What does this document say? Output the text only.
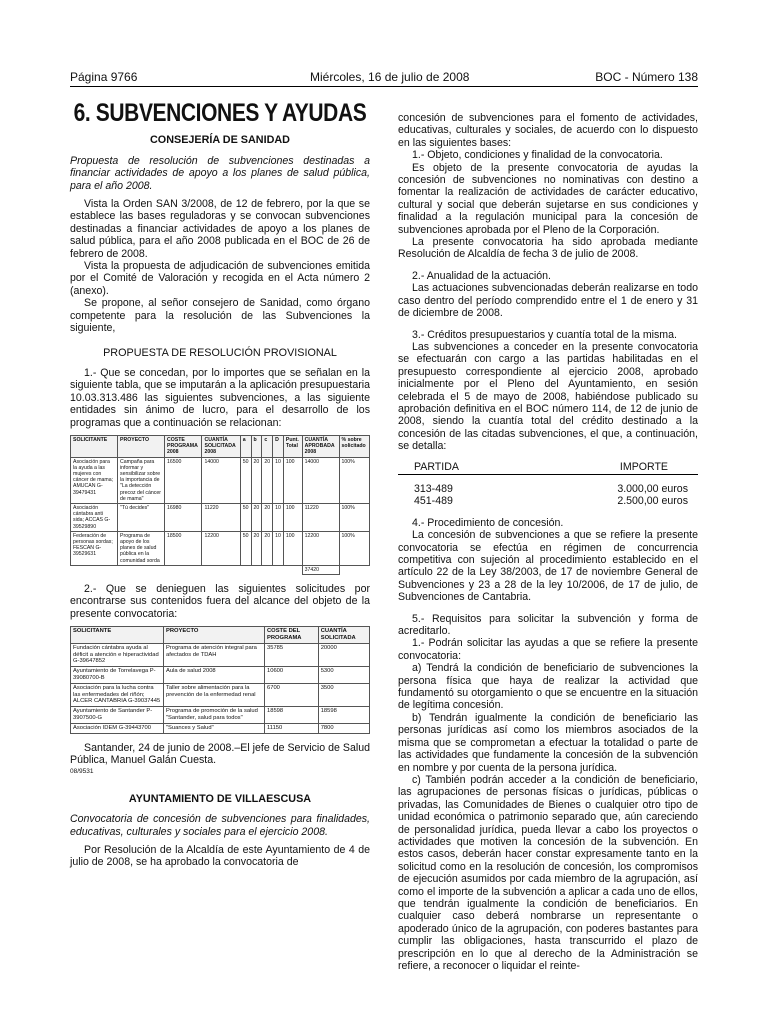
Página 9766	Miércoles, 16 de julio de 2008	BOC - Número 138
6. SUBVENCIONES Y AYUDAS
CONSEJERÍA DE SANIDAD

Propuesta de resolución de subvenciones destinadas a financiar actividades de apoyo a los planes de salud pública, para el año 2008.

Vista la Orden SAN 3/2008, de 12 de febrero, por la que se establece las bases reguladoras y se convocan subvenciones destinadas a financiar actividades de apoyo a los planes de salud pública, para el año 2008 publicada en el BOC de 26 de febrero de 2008.

Vista la propuesta de adjudicación de subvenciones emitida por el Comité de Valoración y recogida en el Acta número 2 (anexo).

Se propone, al señor consejero de Sanidad, como órgano competente para la resolución de las Subvenciones la siguiente,

PROPUESTA DE RESOLUCIÓN PROVISIONAL

1.- Que se concedan, por lo importes que se señalan en la siguiente tabla, que se imputarán a la aplicación presupuestaria 10.03.313.486 las siguientes subvenciones, a las siguiente entidades sin ánimo de lucro, para el desarrollo de los programas que a continuación se relacionan:

SOLICITANTE	PROYECTO	COSTE PROGRAMA 2008	CUANTÍA SOLICITADA 2008	a	b	c	D	Punt. Total	CUANTÍA APROBADA 2008	% sobre solicitado
Asociación para la ayuda a las mujeres con cáncer de mama; AMUCAN G-39479431	Campaña para informar y sensibilizar sobre la importancia de "La detección precoz del cáncer de mama"	16500	14000	50	20	20	10	100	14000	100%
Asociación cántabra anti sida; ACCAS G-39529890	"Tú decides"	16980	11220	50	20	20	10	100	11220	100%
Federación de personas sordas; FESCAN G-39529631	Programa de apoyo de los planes de salud pública en la comunidad sorda	18500	12200	50	20	20	10	100	12200	100%
									37420	

2.- Que se denieguen las siguientes solicitudes por encontrarse sus contenidos fuera del alcance del objeto de la presente convocatoria:

SOLICITANTE	PROYECTO	COSTE DEL PROGRAMA	CUANTÍA SOLICITADA
Fundación cántabra ayuda al déficit a atención e hiperactividad G-39647852	Programa de atención integral para afectados de TDAH	35785	20000
Ayuntamiento de Torrelavega P-39080700-B	Aula de salud 2008	10600	5300
Asociación para la lucha contra las enfermedades del riñón; ALCER CANTABRIA G-39037445	Taller sobre alimentación para la prevención de la enfermedad renal	6700	3500
Ayuntamiento de Santander P-3907500-G	Programa de promoción de la salud "Santander, salud para todos"	18598	18598
Asociación IDEM G-39443700	"Suances y Salud"	11150	7800

Santander, 24 de junio de 2008.–El jefe de Servicio de Salud Pública, Manuel Galán Cuesta.

08/9531

AYUNTAMIENTO DE VILLAESCUSA

Convocatoria de concesión de subvenciones para finalidades, educativas, culturales y sociales para el ejercicio 2008.

Por Resolución de la Alcaldía de este Ayuntamiento de 4 de julio de 2008, se ha aprobado la convocatoria de

concesión de subvenciones para el fomento de actividades, educativas, culturales y sociales, de acuerdo con lo dispuesto en las siguientes bases:

1.- Objeto, condiciones y finalidad de la convocatoria.

Es objeto de la presente convocatoria de ayudas la concesión de subvenciones no nominativas con destino a fomentar la realización de actividades de carácter educativo, cultural y social que deberán sujetarse en sus condiciones y finalidad a la regulación municipal para la concesión de subvenciones aprobada por el Pleno de la Corporación.

La presente convocatoria ha sido aprobada mediante Resolución de Alcaldía de fecha 3 de julio de 2008.

2.- Anualidad de la actuación.

Las actuaciones subvencionadas deberán realizarse en todo caso dentro del período comprendido entre el 1 de enero y 31 de diciembre de 2008.

3.- Créditos presupuestarios y cuantía total de la misma.

Las subvenciones a conceder en la presente convocatoria se efectuarán con cargo a las partidas habilitadas en el presupuesto correspondiente al ejercicio 2008, aprobado inicialmente por el Pleno del Ayuntamiento, en sesión celebrada el 5 de mayo de 2008, habiéndose publicado su aprobación definitiva en el BOC número 114, de 12 de junio de 2008, siendo la cuantía total del crédito destinado a la concesión de las citadas subvenciones, el que, a continuación, se detalla:

PARTIDA	IMPORTE
313-489	3.000,00 euros
451-489	2.500,00 euros

4.- Procedimiento de concesión.

La concesión de subvenciones a que se refiere la presente convocatoria se efectúa en régimen de concurrencia competitiva con sujeción al procedimiento establecido en el artículo 22 de la Ley 38/2003, de 17 de noviembre General de Subvenciones y 23 a 28 de la ley 10/2006, de 17 de julio, de Subvenciones de Cantabria.

5.- Requisitos para solicitar la subvención y forma de acreditarlo.

1.- Podrán solicitar las ayudas a que se refiere la presente convocatoria:

a) Tendrá la condición de beneficiario de subvenciones la persona física que haya de realizar la actividad que fundamentó su otorgamiento o que se encuentre en la situación de legítima concesión.

b) Tendrán igualmente la condición de beneficiario las personas jurídicas así como los miembros asociados de la misma que se comprometan a efectuar la totalidad o parte de las actividades que fundamente la concesión de la subvención en nombre y por cuenta de la persona jurídica.

c) También podrán acceder a la condición de beneficiario, las agrupaciones de personas físicas o jurídicas, públicas o privadas, las Comunidades de Bienes o cualquier otro tipo de unidad económica o patrimonio separado que, aún careciendo de personalidad jurídica, pueda llevar a cabo los proyectos o actividades que motiven la concesión de la subvención. En estos casos, deberán hacer constar expresamente tanto en la solicitud como en la resolución de concesión, los compromisos de ejecución asumidos por cada miembro de la agrupación, así como el importe de la subvención a aplicar a cada uno de ellos, que tendrán igualmente la condición de beneficiarios. En cualquier caso deberá nombrarse un representante o apoderado único de la agrupación, con poderes bastantes para cumplir las obligaciones, hasta transcurrido el plazo de prescripción en lo que al derecho de la Administración se refiere, a reconocer o liquidar el reinte-
